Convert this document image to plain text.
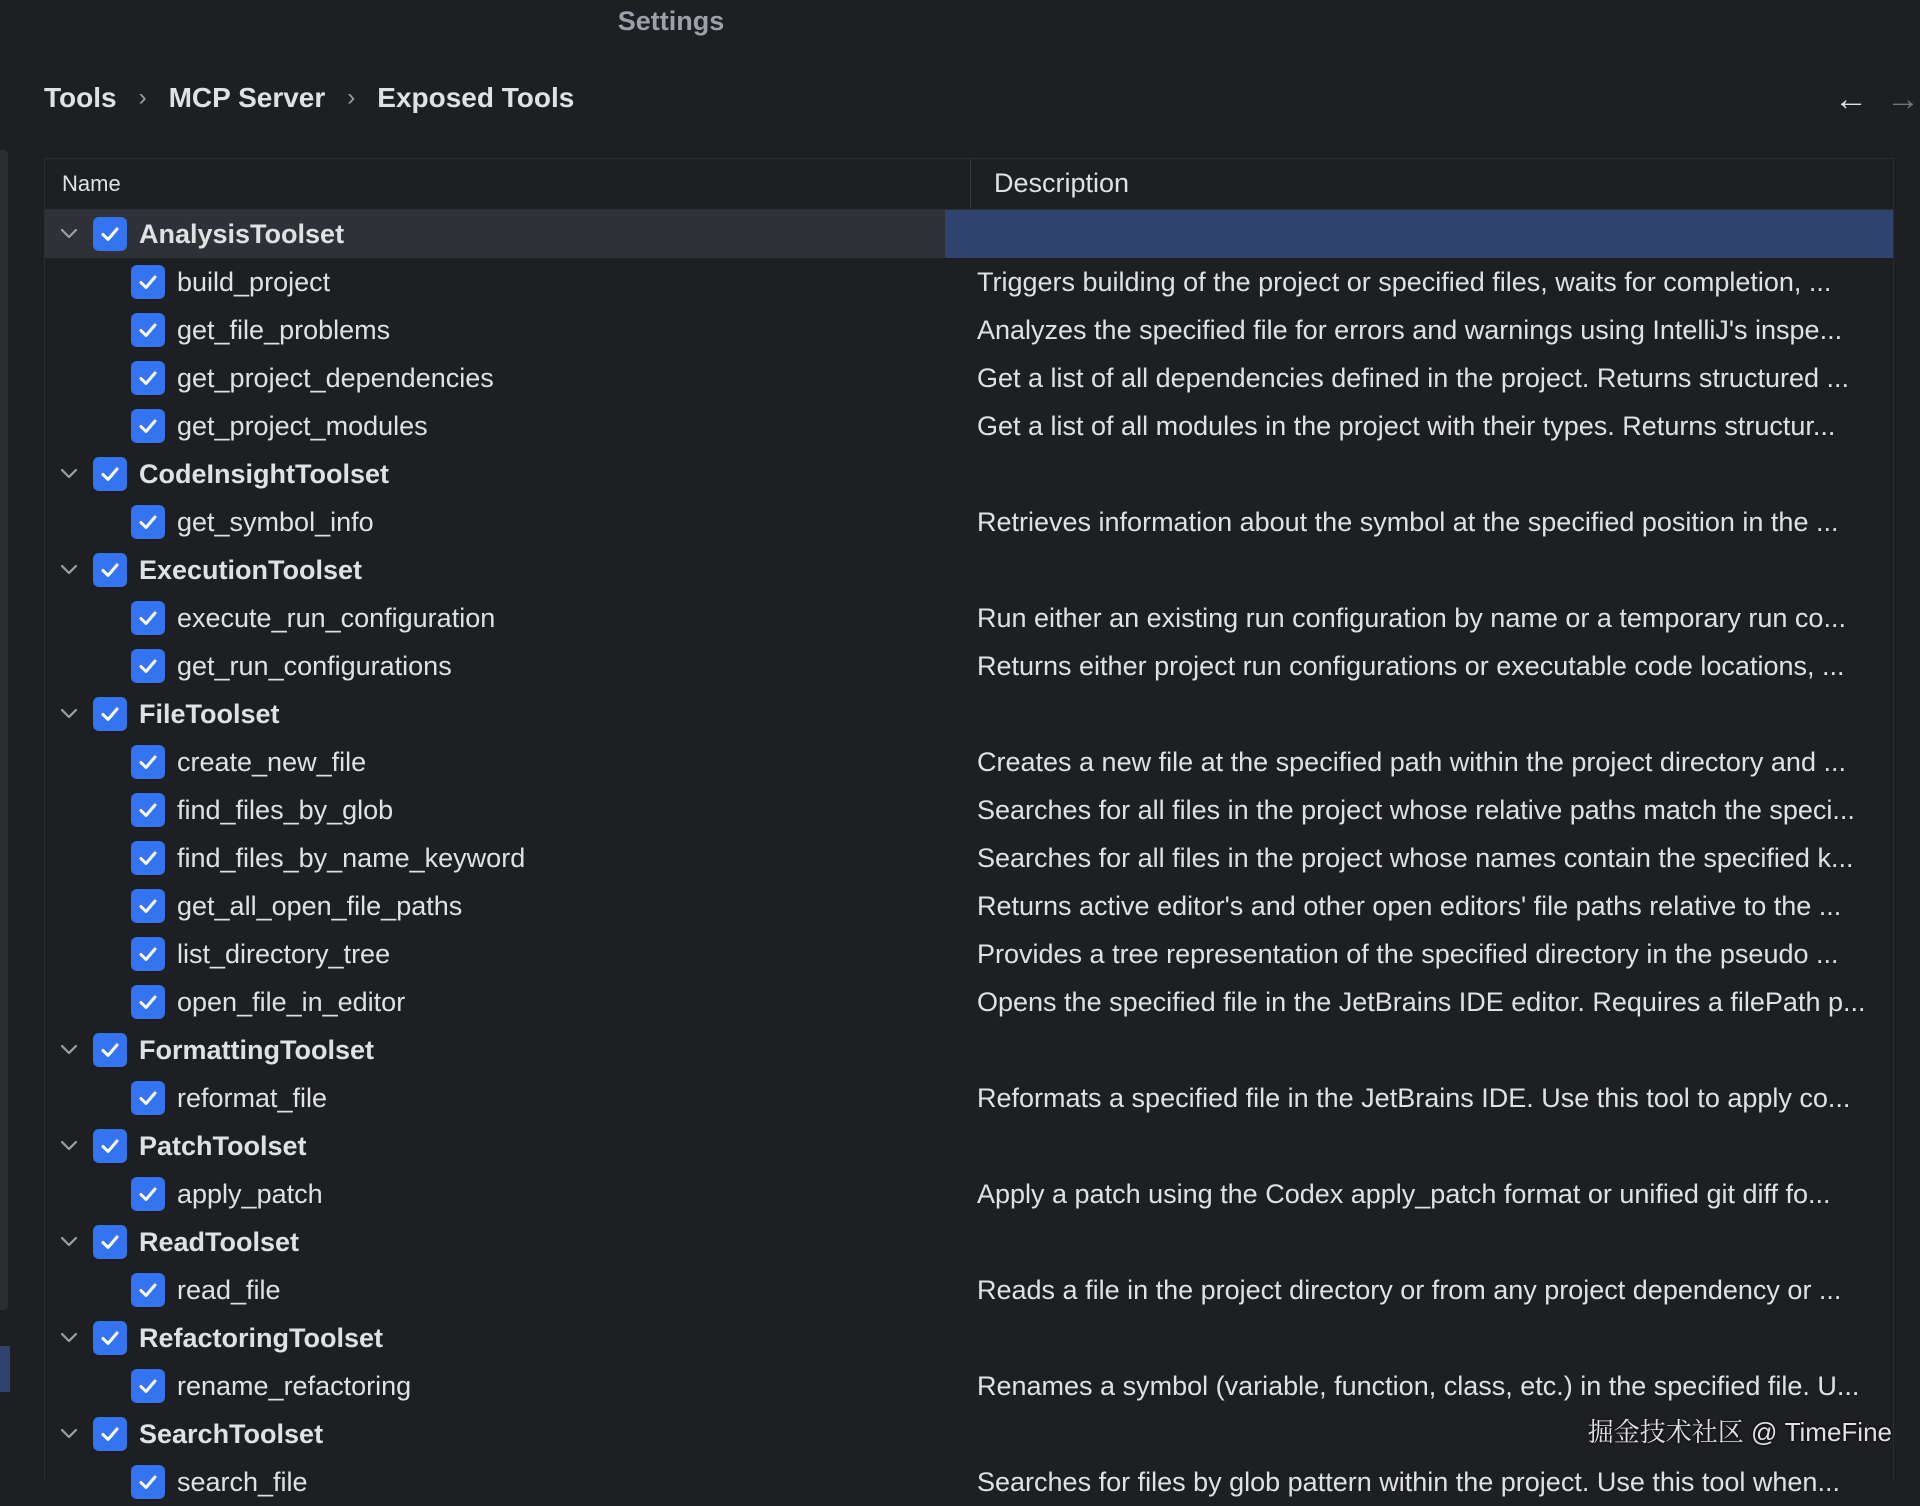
Settings
Tools › MCP Server › Exposed Tools	← →
Name	Description
AnalysisToolset
build_project	Triggers building of the project or specified files, waits for completion, ...
get_file_problems	Analyzes the specified file for errors and warnings using IntelliJ's inspe...
get_project_dependencies	Get a list of all dependencies defined in the project. Returns structured ...
get_project_modules	Get a list of all modules in the project with their types. Returns structur...
CodeInsightToolset
get_symbol_info	Retrieves information about the symbol at the specified position in the ...
ExecutionToolset
execute_run_configuration	Run either an existing run configuration by name or a temporary run co...
get_run_configurations	Returns either project run configurations or executable code locations, ...
FileToolset
create_new_file	Creates a new file at the specified path within the project directory and ...
find_files_by_glob	Searches for all files in the project whose relative paths match the speci...
find_files_by_name_keyword	Searches for all files in the project whose names contain the specified k...
get_all_open_file_paths	Returns active editor's and other open editors' file paths relative to the ...
list_directory_tree	Provides a tree representation of the specified directory in the pseudo ...
open_file_in_editor	Opens the specified file in the JetBrains IDE editor. Requires a filePath p...
FormattingToolset
reformat_file	Reformats a specified file in the JetBrains IDE. Use this tool to apply co...
PatchToolset
apply_patch	Apply a patch using the Codex apply_patch format or unified git diff fo...
ReadToolset
read_file	Reads a file in the project directory or from any project dependency or ...
RefactoringToolset
rename_refactoring	Renames a symbol (variable, function, class, etc.) in the specified file. U...
SearchToolset
search_file	Searches for files by glob pattern within the project. Use this tool when...
掘金技术社区 @ TimeFine
